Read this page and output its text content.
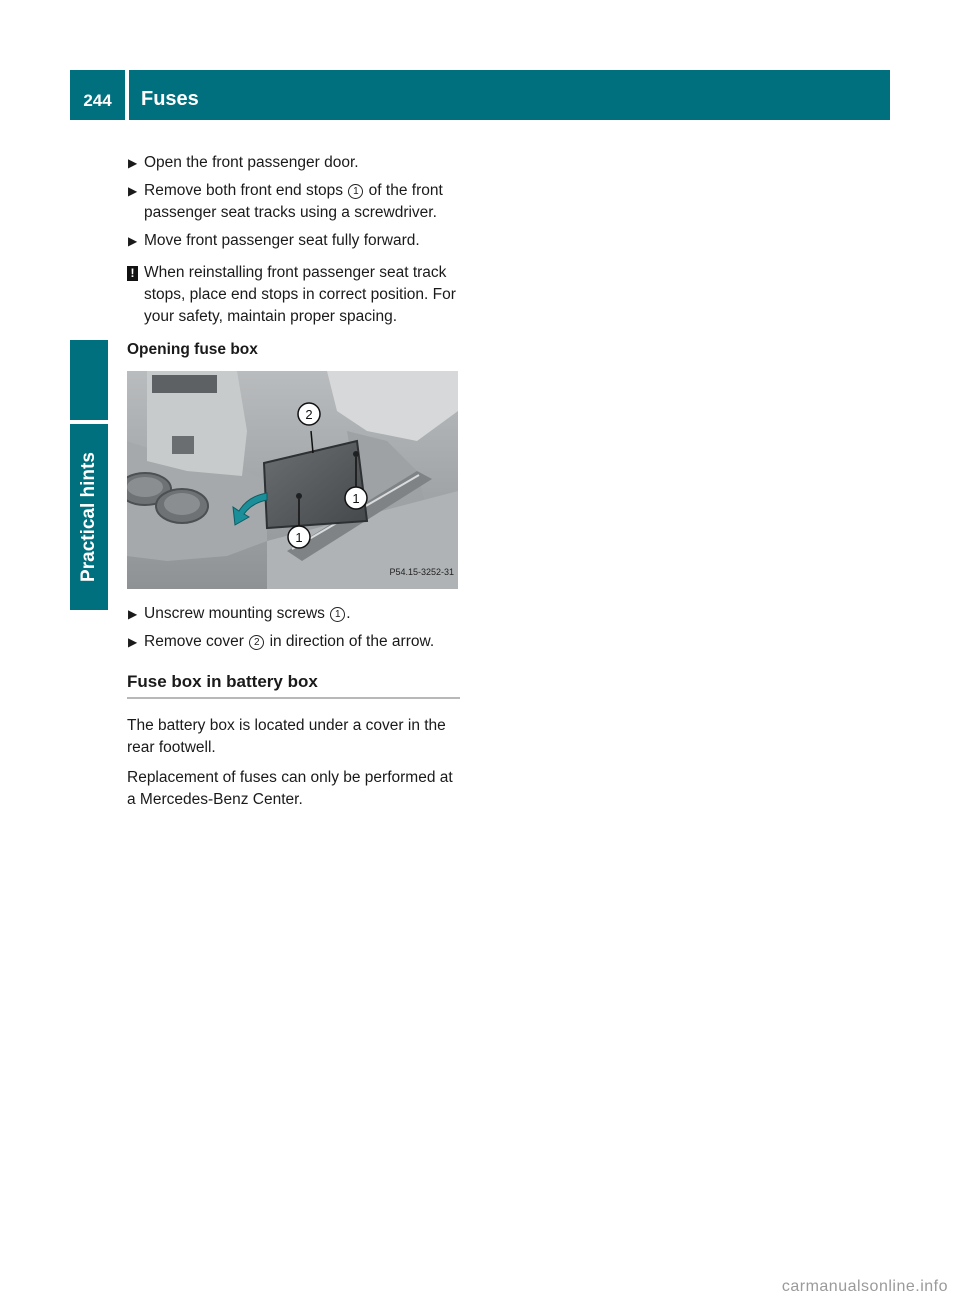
244	Fuses
Practical hints
▶ Open the front passenger door.
▶ Remove both front end stops 1 of the front passenger seat tracks using a screwdriver.
▶ Move front passenger seat fully forward.
! When reinstalling front passenger seat track stops, place end stops in correct position. For your safety, maintain proper spacing.
Opening fuse box
2
1
1
P54.15-3252-31
▶ Unscrew mounting screws 1 .
▶ Remove cover 2 in direction of the arrow.
Fuse box in battery box
The battery box is located under a cover in the rear footwell.
Replacement of fuses can only be performed at a Mercedes-Benz Center.
carmanualsonline.info
